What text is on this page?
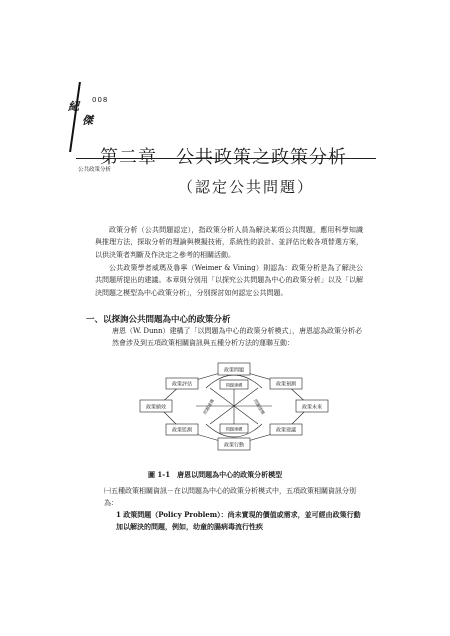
紀
傑
008
公共政策分析
第二章　公共政策之政策分析
（認定公共問題）
政策分析（公共問題認定），指政策分析人員為解決某項公共問題，應用科學知識與推理方法，探取分析的理論與模擬技術，系統性的設計、並評估比較各項替選方案，以供決策者判斷及作決定之參考的相關活動。
公共政策學者威瑪及魯寧（Weimer & Vining）則認為：政策分析是為了解決公共問題所提出的建議。本章則分別用「以探究公共問題為中心的政策分析」以及「以解決問題之模型為中心政策分析」，分別探討如何認定公共問題。
一、以探詢公共問題為中心的政策分析
唐恩（W. Dunn）建構了「以問題為中心的政策分析模式」，唐恩認為政策分析必然會涉及到五項政策相關資訊與五種分析方法的運聯互動：
政策問題
政策行動
政策績效	政策未來
政策評估
政策監測
政策預測
政策建議
問題建構
問題建構
問題建構	問題建構
圖 1-1　唐恩以問題為中心的政策分析模型
㈠五種政策相關資訊－在以問題為中心的政策分析模式中，五項政策相關資訊分別為：
1 政策問題（Policy Problem）：尚未實現的價值或需求，並可經由政策行動加以解決的問題，例如，幼童的腸病毒流行性疾
